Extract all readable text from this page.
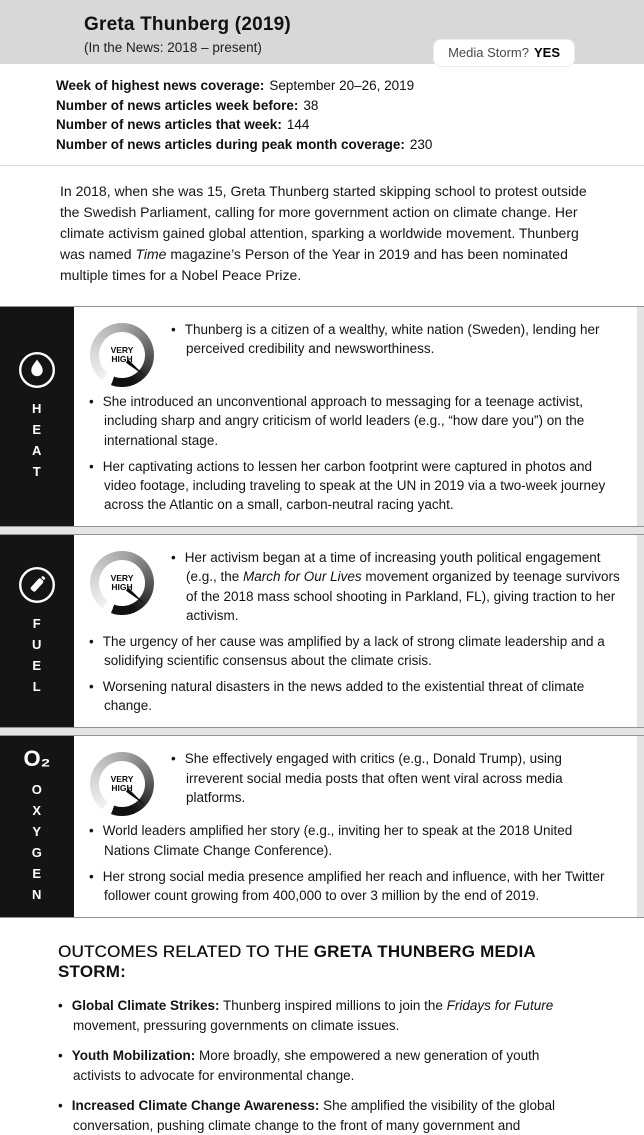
Greta Thunberg (2019)
(In the News: 2018 – present)	Media Storm? YES
Week of highest news coverage: September 20–26, 2019
Number of news articles week before: 38
Number of news articles that week: 144
Number of news articles during peak month coverage: 230
In 2018, when she was 15, Greta Thunberg started skipping school to protest outside the Swedish Parliament, calling for more government action on climate change. Her climate activism gained global attention, sparking a worldwide movement. Thunberg was named Time magazine’s Person of the Year in 2019 and has been nominated multiple times for a Nobel Peace Prize.
H
E
A
T
VERY HIGH
• Thunberg is a citizen of a wealthy, white nation (Sweden), lending her perceived credibility and newsworthiness.
• She introduced an unconventional approach to messaging for a teenage activist, including sharp and angry criticism of world leaders (e.g., “how dare you”) on the international stage.
• Her captivating actions to lessen her carbon footprint were captured in photos and video footage, including traveling to speak at the UN in 2019 via a two-week journey across the Atlantic on a small, carbon-neutral racing yacht.
F
U
E
L
VERY HIGH
• Her activism began at a time of increasing youth political engagement (e.g., the March for Our Lives movement organized by teenage survivors of the 2018 mass school shooting in Parkland, FL), giving traction to her activism.
• The urgency of her cause was amplified by a lack of strong climate leadership and a solidifying scientific consensus about the climate crisis.
• Worsening natural disasters in the news added to the existential threat of climate change.
O₂
O
X
Y
G
E
N
VERY HIGH
• She effectively engaged with critics (e.g., Donald Trump), using irreverent social media posts that often went viral across media platforms.
• World leaders amplified her story (e.g., inviting her to speak at the 2018 United Nations Climate Change Conference).
• Her strong social media presence amplified her reach and influence, with her Twitter follower count growing from 400,000 to over 3 million by the end of 2019.
OUTCOMES RELATED TO THE GRETA THUNBERG MEDIA STORM:
• Global Climate Strikes: Thunberg inspired millions to join the Fridays for Future movement, pressuring governments on climate issues.
• Youth Mobilization: More broadly, she empowered a new generation of youth activists to advocate for environmental change.
• Increased Climate Change Awareness: She amplified the visibility of the global conversation, pushing climate change to the front of many government and
